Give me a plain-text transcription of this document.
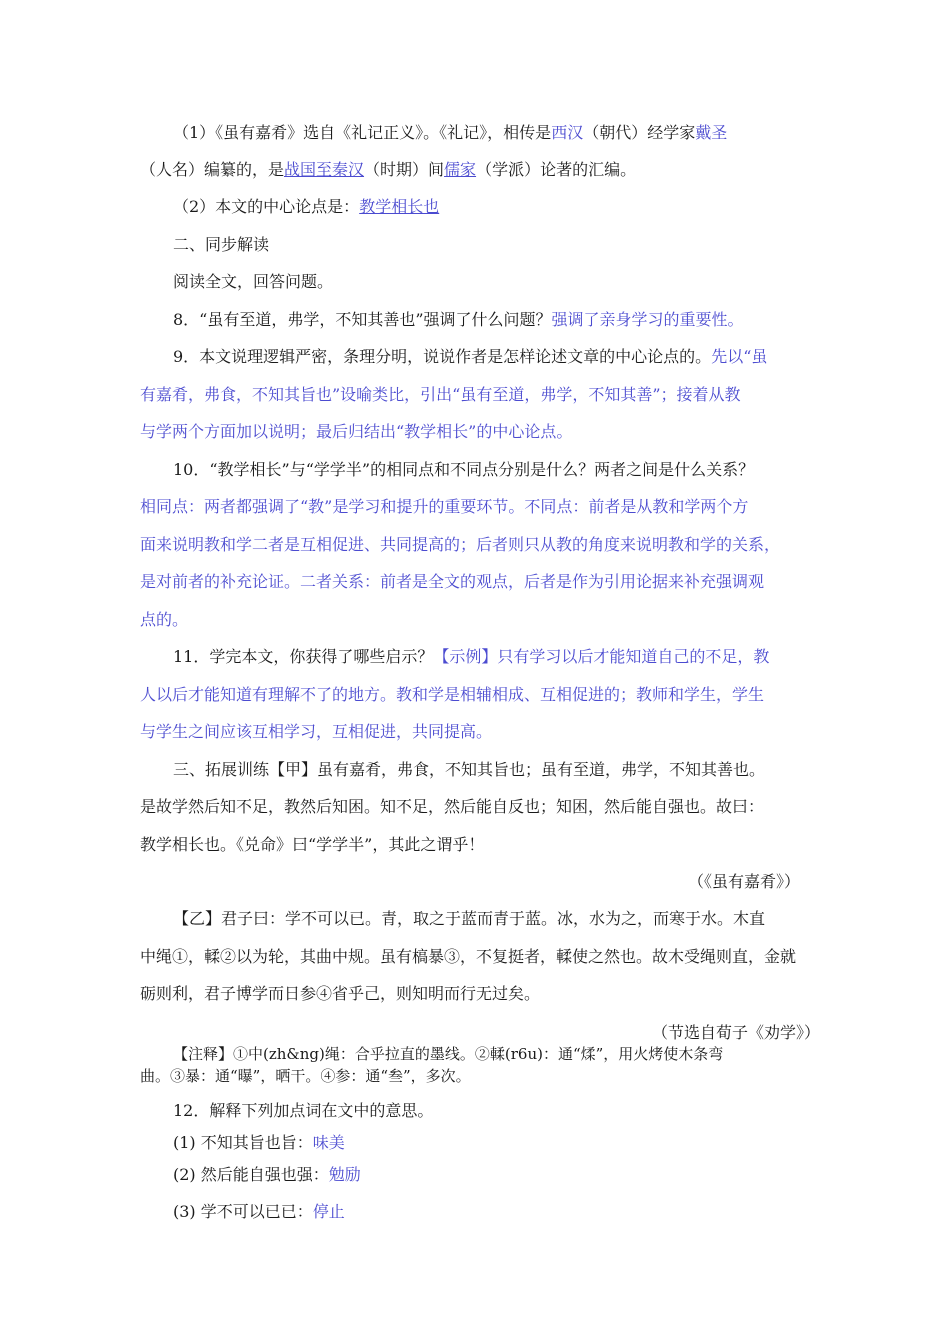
（1）《虽有嘉肴》选自《礼记正义》。《礼记》，相传是西汉（朝代）经学家戴圣
（人名）编纂的，是战国至秦汉（时期）间儒家（学派）论著的汇编。
（2）本文的中心论点是：教学相长也
二、同步解读
阅读全文，回答问题。
8．“虽有至道，弗学，不知其善也”强调了什么问题？强调了亲身学习的重要性。
9．本文说理逻辑严密，条理分明，说说作者是怎样论述文章的中心论点的。先以“虽
有嘉肴，弗食，不知其旨也”设喻类比，引出“虽有至道，弗学，不知其善”；接着从教
与学两个方面加以说明；最后归结出“教学相长”的中心论点。
10．“教学相长”与“学学半”的相同点和不同点分别是什么？两者之间是什么关系？
相同点：两者都强调了“教”是学习和提升的重要环节。不同点：前者是从教和学两个方
面来说明教和学二者是互相促进、共同提高的；后者则只从教的角度来说明教和学的关系，
是对前者的补充论证。二者关系：前者是全文的观点，后者是作为引用论据来补充强调观
点的。
11．学完本文，你获得了哪些启示？【示例】只有学习以后才能知道自己的不足，教
人以后才能知道有理解不了的地方。教和学是相辅相成、互相促进的；教师和学生，学生
与学生之间应该互相学习，互相促进，共同提高。
三、拓展训练【甲】虽有嘉肴，弗食，不知其旨也；虽有至道，弗学，不知其善也。
是故学然后知不足，教然后知困。知不足，然后能自反也；知困，然后能自强也。故曰：
教学相长也。《兑命》曰“学学半”，其此之谓乎！
（《虽有嘉肴》）
【乙】君子曰：学不可以已。青，取之于蓝而青于蓝。冰，水为之，而寒于水。木直
中绳①，輮②以为轮，其曲中规。虽有槁暴③，不复挺者，輮使之然也。故木受绳则直，金就
砺则利，君子博学而日参④省乎己，则知明而行无过矣。
（节选自荀子《劝学》）
【注释】①中(zh&ng)绳：合乎拉直的墨线。②輮(r6u)：通“煣”，用火烤使木条弯
曲。③暴：通“曝”，晒干。④参：通“叁”，多次。
12．解释下列加点词在文中的意思。
(1) 不知其旨也旨：味美
(2) 然后能自强也强：勉励
(3) 学不可以已已：停止
